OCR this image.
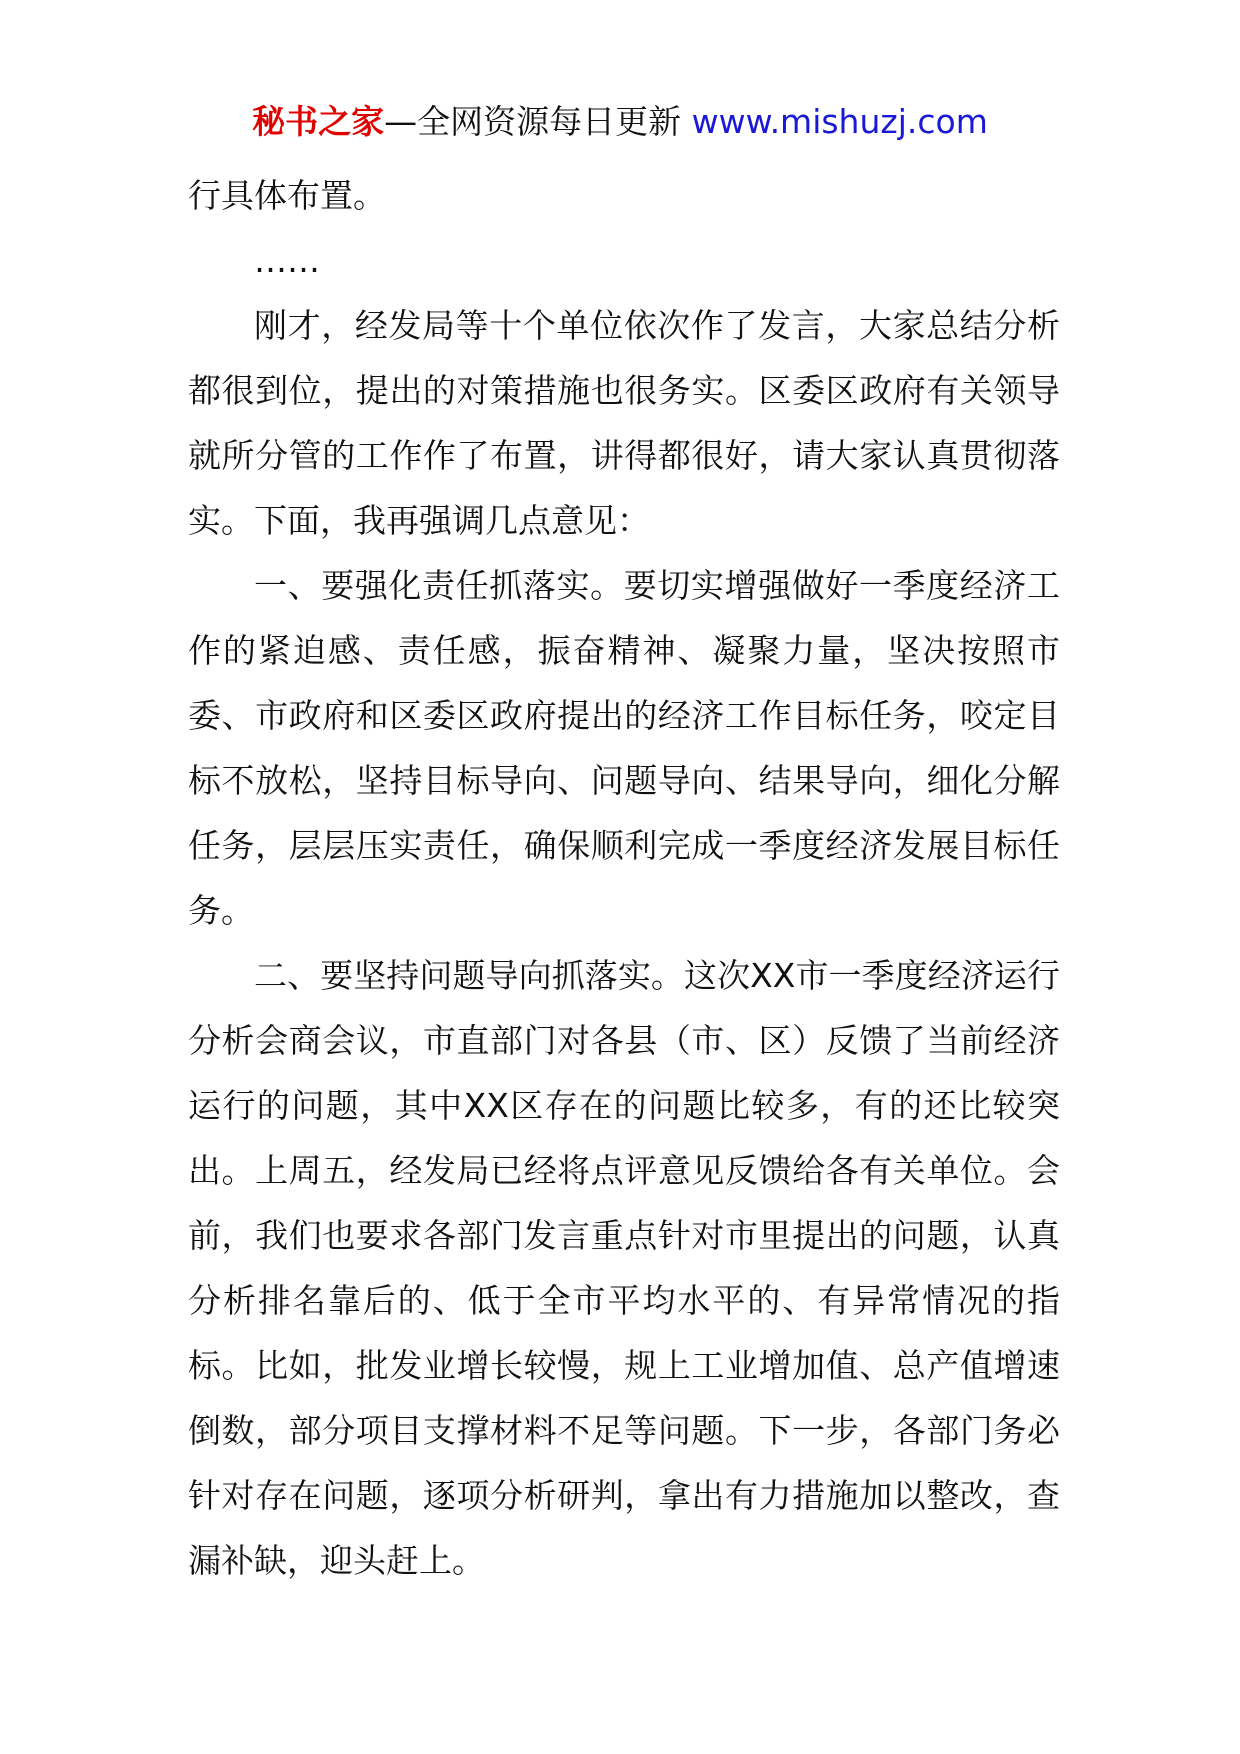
秘书之家—全网资源每日更新 www.mishuzj.com

行具体布置。

……

刚才，经发局等十个单位依次作了发言，大家总结分析都很到位，提出的对策措施也很务实。区委区政府有关领导就所分管的工作作了布置，讲得都很好，请大家认真贯彻落实。下面，我再强调几点意见：

一、要强化责任抓落实。要切实增强做好一季度经济工作的紧迫感、责任感，振奋精神、凝聚力量，坚决按照市委、市政府和区委区政府提出的经济工作目标任务，咬定目标不放松，坚持目标导向、问题导向、结果导向，细化分解任务，层层压实责任，确保顺利完成一季度经济发展目标任务。

二、要坚持问题导向抓落实。这次XX市一季度经济运行分析会商会议，市直部门对各县（市、区）反馈了当前经济运行的问题，其中XX区存在的问题比较多，有的还比较突出。上周五，经发局已经将点评意见反馈给各有关单位。会前，我们也要求各部门发言重点针对市里提出的问题，认真分析排名靠后的、低于全市平均水平的、有异常情况的指标。比如，批发业增长较慢，规上工业增加值、总产值增速倒数，部分项目支撑材料不足等问题。下一步，各部门务必针对存在问题，逐项分析研判，拿出有力措施加以整改，查漏补缺，迎头赶上。
